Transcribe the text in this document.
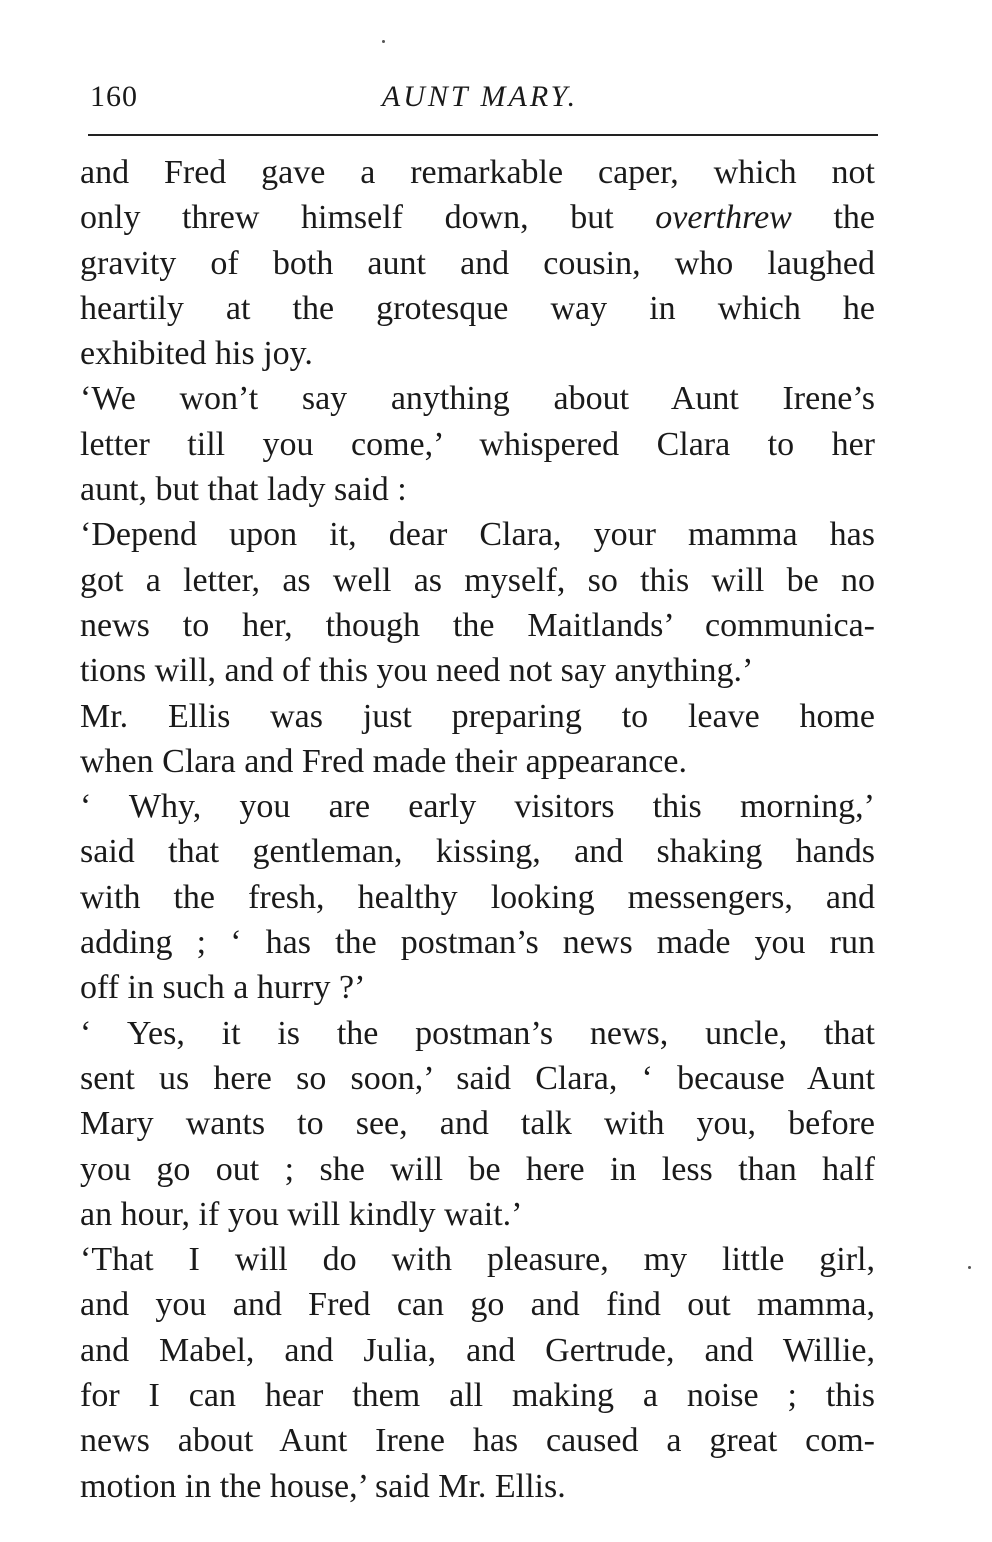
160	AUNT MARY.
and Fred gave a remarkable caper, which not
only threw himself down, but overthrew the
gravity of both aunt and cousin, who laughed
heartily at the grotesque way in which he
exhibited his joy.
‘We won’t say anything about Aunt Irene’s
letter till you come,’ whispered Clara to her
aunt, but that lady said :
‘Depend upon it, dear Clara, your mamma has
got a letter, as well as myself, so this will be no
news to her, though the Maitlands’ communica-
tions will, and of this you need not say anything.’
Mr. Ellis was just preparing to leave home
when Clara and Fred made their appearance.
‘ Why, you are early visitors this morning,’
said that gentleman, kissing, and shaking hands
with the fresh, healthy looking messengers, and
adding ; ‘ has the postman’s news made you run
off in such a hurry ?’
‘ Yes, it is the postman’s news, uncle, that
sent us here so soon,’ said Clara, ‘ because Aunt
Mary wants to see, and talk with you, before
you go out ; she will be here in less than half
an hour, if you will kindly wait.’
‘That I will do with pleasure, my little girl,
and you and Fred can go and find out mamma,
and Mabel, and Julia, and Gertrude, and Willie,
for I can hear them all making a noise ; this
news about Aunt Irene has caused a great com-
motion in the house,’ said Mr. Ellis.
